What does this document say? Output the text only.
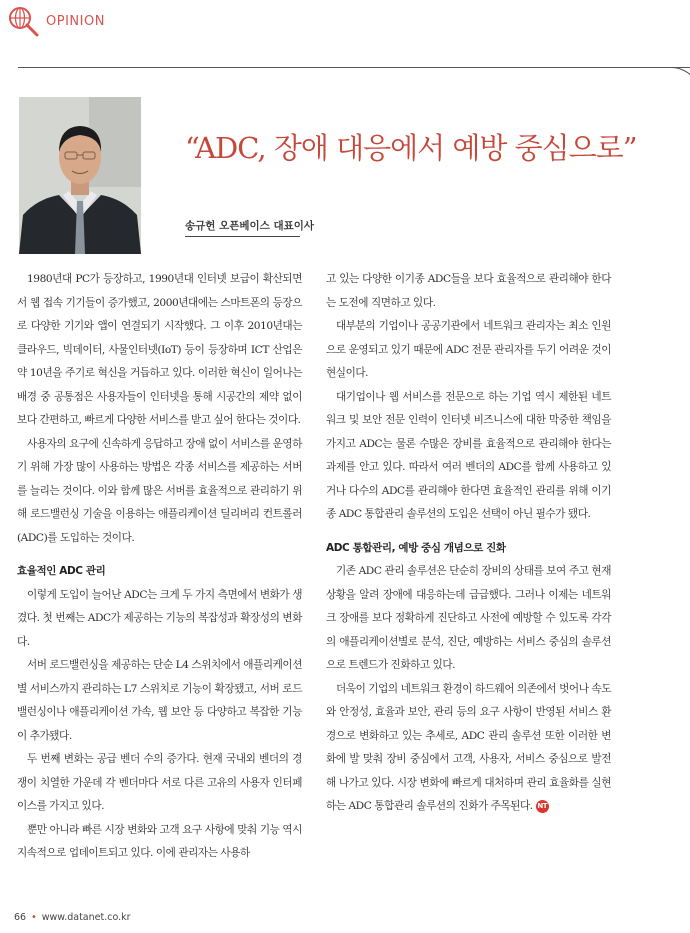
OPINION
“ADC, 장애 대응에서 예방 중심으로”
송규헌 오픈베이스 대표이사

1980년대 PC가 등장하고, 1990년대 인터넷 보급이 확산되면서 웹 접속 기기들이 증가했고, 2000년대에는 스마트폰의 등장으로 다양한 기기와 앱이 연결되기 시작했다. 그 이후 2010년대는 클라우드, 빅데이터, 사물인터넷(IoT) 등이 등장하며 ICT 산업은 약 10년을 주기로 혁신을 거듭하고 있다. 이러한 혁신이 일어나는 배경 중 공통점은 사용자들이 인터넷을 통해 시공간의 제약 없이 보다 간편하고, 빠르게 다양한 서비스를 받고 싶어 한다는 것이다.

사용자의 요구에 신속하게 응답하고 장애 없이 서비스를 운영하기 위해 가장 많이 사용하는 방법은 각종 서비스를 제공하는 서버를 늘리는 것이다. 이와 함께 많은 서버를 효율적으로 관리하기 위해 로드밸런싱 기술을 이용하는 애플리케이션 딜리버리 컨트롤러(ADC)를 도입하는 것이다.

효율적인 ADC 관리

이렇게 도입이 늘어난 ADC는 크게 두 가지 측면에서 변화가 생겼다. 첫 번째는 ADC가 제공하는 기능의 복잡성과 확장성의 변화다.

서버 로드밸런싱을 제공하는 단순 L4 스위치에서 애플리케이션별 서비스까지 관리하는 L7 스위치로 기능이 확장됐고, 서버 로드밸런싱이나 애플리케이션 가속, 웹 보안 등 다양하고 복잡한 기능이 추가됐다.

두 번째 변화는 공급 벤더 수의 증가다. 현재 국내외 벤더의 경쟁이 치열한 가운데 각 벤더마다 서로 다른 고유의 사용자 인터페이스를 가지고 있다.

뿐만 아니라 빠른 시장 변화와 고객 요구 사항에 맞춰 기능 역시 지속적으로 업데이트되고 있다. 이에 관리자는 사용하

고 있는 다양한 이기종 ADC들을 보다 효율적으로 관리해야 한다는 도전에 직면하고 있다.

대부분의 기업이나 공공기관에서 네트워크 관리자는 최소 인원으로 운영되고 있기 때문에 ADC 전문 관리자를 두기 어려운 것이 현실이다.

대기업이나 웹 서비스를 전문으로 하는 기업 역시 제한된 네트워크 및 보안 전문 인력이 인터넷 비즈니스에 대한 막중한 책임을 가지고 ADC는 물론 수많은 장비를 효율적으로 관리해야 한다는 과제를 안고 있다. 따라서 여러 벤더의 ADC를 함께 사용하고 있거나 다수의 ADC를 관리해야 한다면 효율적인 관리를 위해 이기종 ADC 통합관리 솔루션의 도입은 선택이 아닌 필수가 됐다.

ADC 통합관리, 예방 중심 개념으로 진화

기존 ADC 관리 솔루션은 단순히 장비의 상태를 보여 주고 현재 상황을 알려 장애에 대응하는데 급급했다. 그러나 이제는 네트워크 장애를 보다 정확하게 진단하고 사전에 예방할 수 있도록 각각의 애플리케이션별로 분석, 진단, 예방하는 서비스 중심의 솔루션으로 트렌드가 진화하고 있다.

더욱이 기업의 네트워크 환경이 하드웨어 의존에서 벗어나 속도와 안정성, 효율과 보안, 관리 등의 요구 사항이 반영된 서비스 환경으로 변화하고 있는 추세로, ADC 관리 솔루션 또한 이러한 변화에 발 맞춰 장비 중심에서 고객, 사용자, 서비스 중심으로 발전해 나가고 있다. 시장 변화에 빠르게 대처하며 관리 효율화를 실현하는 ADC 통합관리 솔루션의 진화가 주목된다. NT

66 • www.datanet.co.kr
